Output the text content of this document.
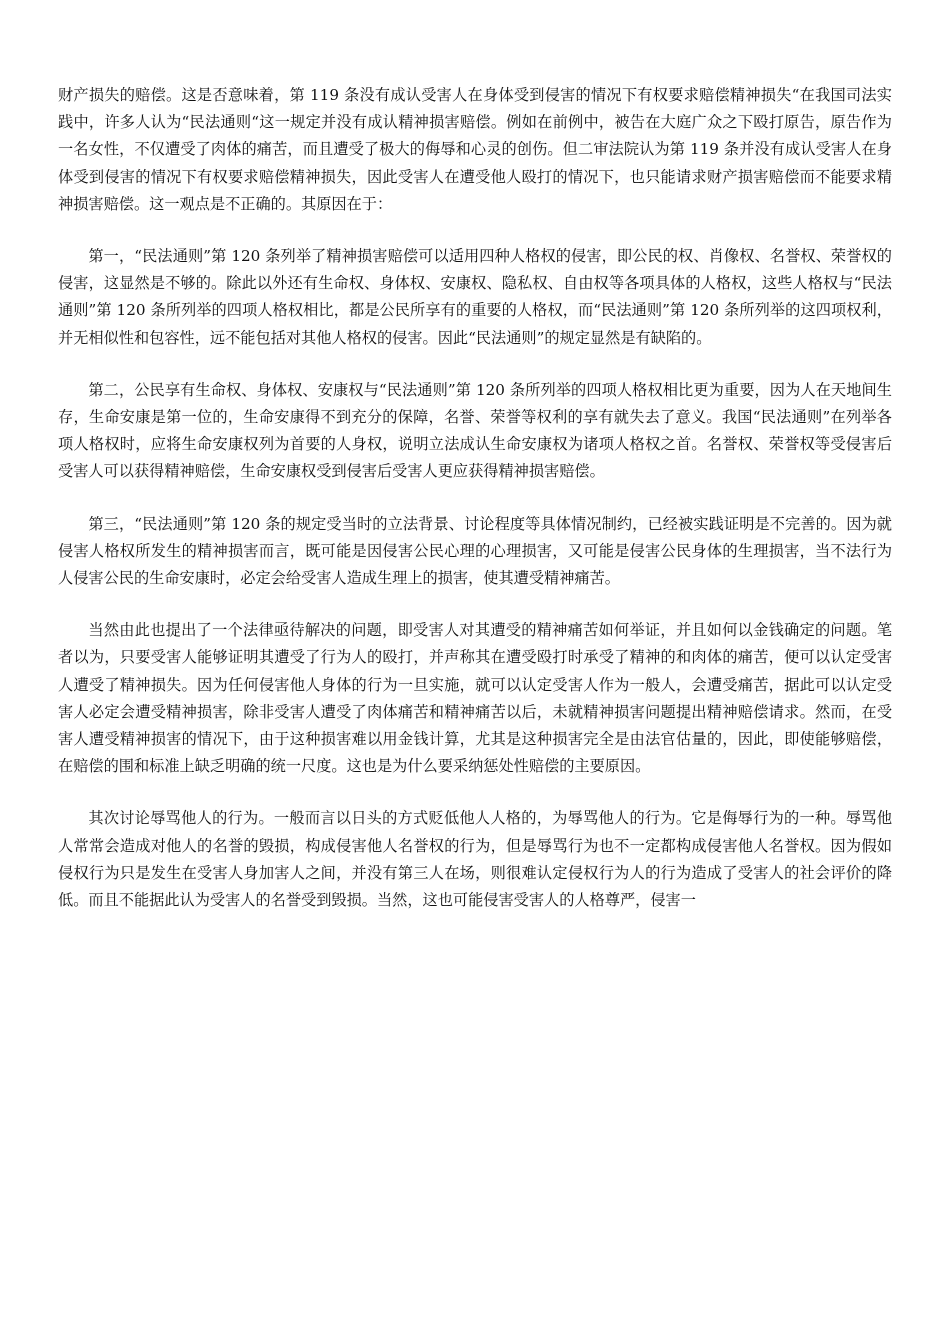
财产损失的赔偿。这是否意味着，第 119 条没有成认受害人在身体受到侵害的情况下有权要求赔偿精神损失“在我国司法实践中，许多人认为“民法通则“这一规定并没有成认精神损害赔偿。例如在前例中，被告在大庭广众之下殴打原告，原告作为一名女性，不仅遭受了肉体的痛苦，而且遭受了极大的侮辱和心灵的创伤。但二审法院认为第 119 条并没有成认受害人在身体受到侵害的情况下有权要求赔偿精神损失，因此受害人在遭受他人殴打的情况下，也只能请求财产损害赔偿而不能要求精神损害赔偿。这一观点是不正确的。其原因在于：

第一，“民法通则”第 120 条列举了精神损害赔偿可以适用四种人格权的侵害，即公民的权、肖像权、名誉权、荣誉权的侵害，这显然是不够的。除此以外还有生命权、身体权、安康权、隐私权、自由权等各项具体的人格权，这些人格权与“民法通则”第 120 条所列举的四项人格权相比，都是公民所享有的重要的人格权，而“民法通则”第 120 条所列举的这四项权利，并无相似性和包容性，远不能包括对其他人格权的侵害。因此“民法通则”的规定显然是有缺陷的。

第二，公民享有生命权、身体权、安康权与“民法通则”第 120 条所列举的四项人格权相比更为重要，因为人在天地间生存，生命安康是第一位的，生命安康得不到充分的保障，名誉、荣誉等权利的享有就失去了意义。我国“民法通则”在列举各项人格权时，应将生命安康权列为首要的人身权，说明立法成认生命安康权为诸项人格权之首。名誉权、荣誉权等受侵害后受害人可以获得精神赔偿，生命安康权受到侵害后受害人更应获得精神损害赔偿。

第三，“民法通则”第 120 条的规定受当时的立法背景、讨论程度等具体情况制约，已经被实践证明是不完善的。因为就侵害人格权所发生的精神损害而言，既可能是因侵害公民心理的心理损害，又可能是侵害公民身体的生理损害，当不法行为人侵害公民的生命安康时，必定会给受害人造成生理上的损害，使其遭受精神痛苦。

当然由此也提出了一个法律亟待解决的问题，即受害人对其遭受的精神痛苦如何举证，并且如何以金钱确定的问题。笔者以为，只要受害人能够证明其遭受了行为人的殴打，并声称其在遭受殴打时承受了精神的和肉体的痛苦，便可以认定受害人遭受了精神损失。因为任何侵害他人身体的行为一旦实施，就可以认定受害人作为一般人，会遭受痛苦，据此可以认定受害人必定会遭受精神损害，除非受害人遭受了肉体痛苦和精神痛苦以后，未就精神损害问题提出精神赔偿请求。然而，在受害人遭受精神损害的情况下，由于这种损害难以用金钱计算，尤其是这种损害完全是由法官估量的，因此，即使能够赔偿，在赔偿的围和标准上缺乏明确的统一尺度。这也是为什么要采纳惩处性赔偿的主要原因。

其次讨论辱骂他人的行为。一般而言以日头的方式贬低他人人格的，为辱骂他人的行为。它是侮辱行为的一种。辱骂他人常常会造成对他人的名誉的毁损，构成侵害他人名誉权的行为，但是辱骂行为也不一定都构成侵害他人名誉权。因为假如侵权行为只是发生在受害人身加害人之间，并没有第三人在场，则很难认定侵权行为人的行为造成了受害人的社会评价的降低。而且不能据此认为受害人的名誉受到毁损。当然，这也可能侵害受害人的人格尊严，侵害一
